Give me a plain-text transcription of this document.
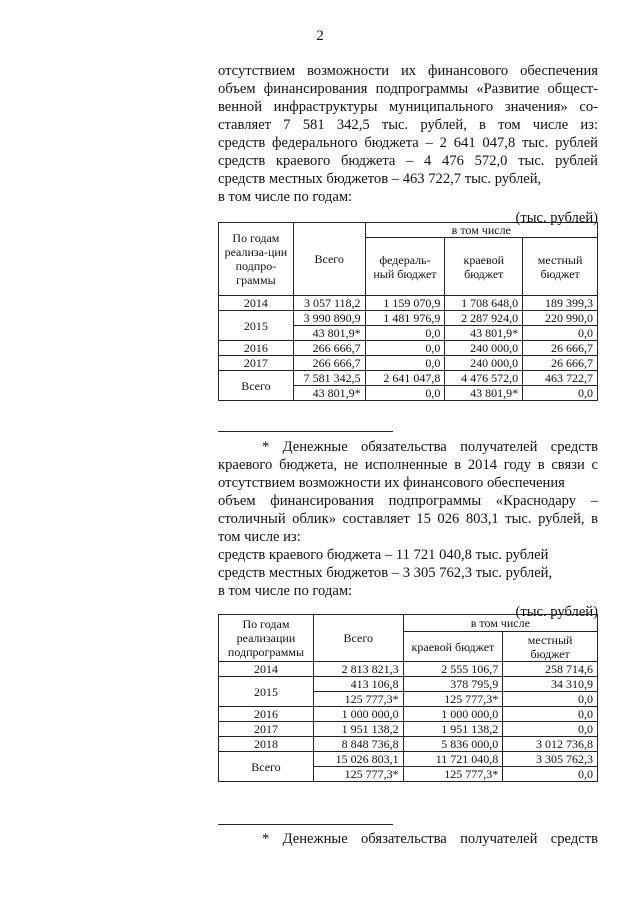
2

отсутствием возможности их финансового обеспечения

объем финансирования подпрограммы «Развитие общест-

венной инфраструктуры муниципального значения» со-

ставляет 7 581 342,5 тыс. рублей, в том числе из:

средств федерального бюджета – 2 641 047,8 тыс. рублей

средств краевого бюджета – 4 476 572,0 тыс. рублей

средств местных бюджетов – 463 722,7 тыс. рублей,

в том числе по годам:

(тыс. рублей)

По годам реализа-ции подпро-граммы	Всего	в том числе		
		федераль-ный бюджет	краевой бюджет	местный бюджет
2014	3 057 118,2	1 159 070,9	1 708 648,0	189 399,3
2015	3 990 890,9	1 481 976,9	2 287 924,0	220 990,0
	43 801,9*	0,0	43 801,9*	0,0
2016	266 666,7	0,0	240 000,0	26 666,7
2017	266 666,7	0,0	240 000,0	26 666,7
Всего	7 581 342,5	2 641 047,8	4 476 572,0	463 722,7
	43 801,9*	0,0	43 801,9*	0,0

* Денежные обязательства получателей средств

краевого бюджета, не исполненные в 2014 году в связи с

отсутствием возможности их финансового обеспечения

объем финансирования подпрограммы «Краснодару –

столичный облик» составляет 15 026 803,1 тыс. рублей, в

том числе из:

средств краевого бюджета – 11 721 040,8 тыс. рублей

средств местных бюджетов – 3 305 762,3 тыс. рублей,

в том числе по годам:

(тыс. рублей)

По годам реализации подпрограммы	Всего	в том числе	
		краевой бюджет	местный бюджет
2014	2 813 821,3	2 555 106,7	258 714,6
2015	413 106,8	378 795,9	34 310,9
	125 777,3*	125 777,3*	0,0
2016	1 000 000,0	1 000 000,0	0,0
2017	1 951 138,2	1 951 138,2	0,0
2018	8 848 736,8	5 836 000,0	3 012 736,8
Всего	15 026 803,1	11 721 040,8	3 305 762,3
	125 777,3*	125 777,3*	0,0

* Денежные обязательства получателей средств
